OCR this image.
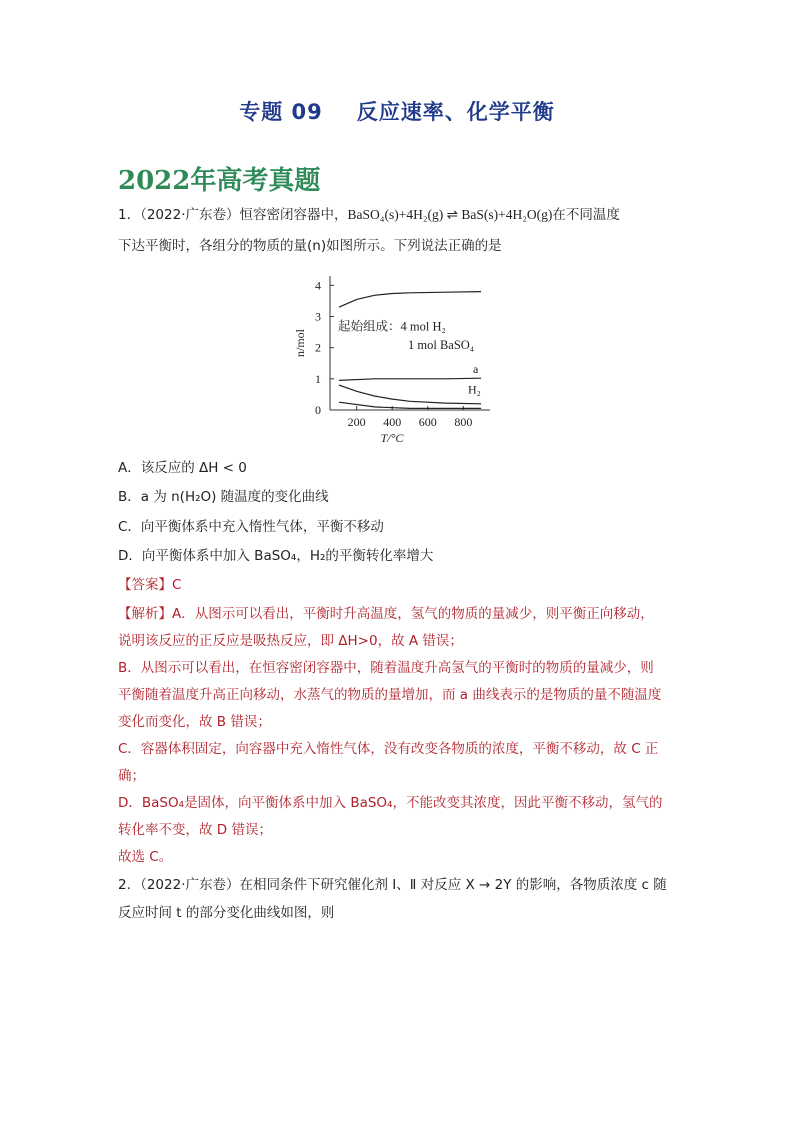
专题 09 反应速率、化学平衡
2022年高考真题
1．（2022·广东卷）恒容密闭容器中，BaSO₄(s)+4H₂(g) ⇌ BaS(s)+4H₂O(g)在不同温度
下达平衡时，各组分的物质的量(n)如图所示。下列说法正确的是
0
1
2
3
4
200 400 600 800
n/mol
T/°C
a
H₂
起始组成：4 mol H₂
1 mol BaSO₄
A．该反应的 ΔH < 0
B．a 为 n(H₂O) 随温度的变化曲线
C．向平衡体系中充入惰性气体，平衡不移动
D．向平衡体系中加入 BaSO₄，H₂的平衡转化率增大
【答案】C
【解析】A．从图示可以看出，平衡时升高温度，氢气的物质的量减少，则平衡正向移动，
说明该反应的正反应是吸热反应，即 ΔH>0，故 A 错误；
B．从图示可以看出，在恒容密闭容器中，随着温度升高氢气的平衡时的物质的量减少，则
平衡随着温度升高正向移动，水蒸气的物质的量增加，而 a 曲线表示的是物质的量不随温度
变化而变化，故 B 错误；
C．容器体积固定，向容器中充入惰性气体，没有改变各物质的浓度，平衡不移动，故 C 正
确；
D．BaSO₄是固体，向平衡体系中加入 BaSO₄，不能改变其浓度，因此平衡不移动，氢气的
转化率不变，故 D 错误；
故选 C。
2．（2022·广东卷）在相同条件下研究催化剂 Ⅰ、Ⅱ 对反应 X → 2Y 的影响，各物质浓度 c 随
反应时间 t 的部分变化曲线如图，则
